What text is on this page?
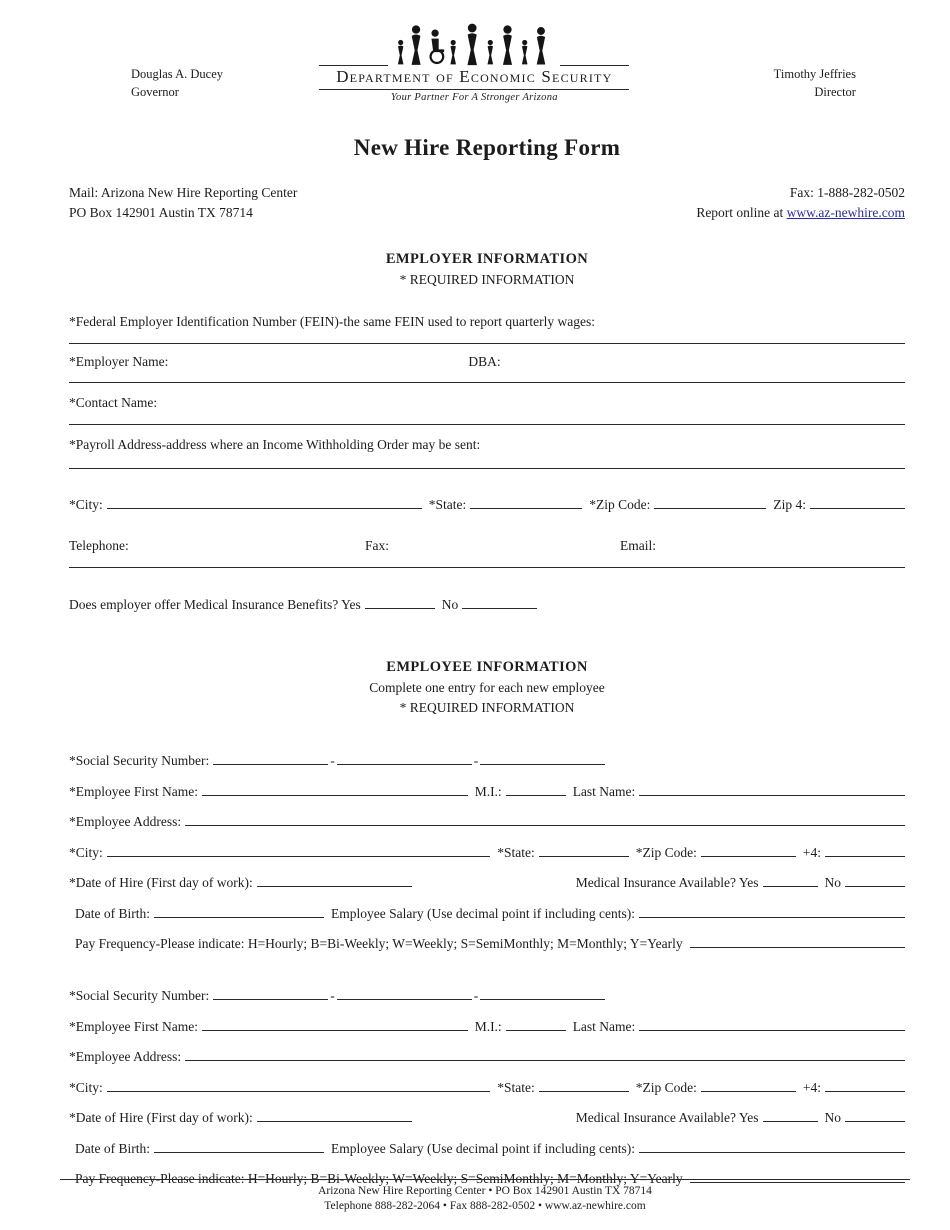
Douglas A. Ducey
Governor
Department of Economic Security
Your Partner For A Stronger Arizona
Timothy Jeffries
Director
New Hire Reporting Form
Mail: Arizona New Hire Reporting Center
PO Box 142901 Austin TX 78714
Fax: 1-888-282-0502
Report online at www.az-newhire.com
EMPLOYER INFORMATION
* REQUIRED INFORMATION
*Federal Employer Identification Number (FEIN)-the same FEIN used to report quarterly wages:
*Employer Name:	DBA:
*Contact Name:
*Payroll Address-address where an Income Withholding Order may be sent:
*City:	*State:	*Zip Code:	Zip 4:
Telephone:	Fax:	Email:
Does employer offer Medical Insurance Benefits? Yes	No
EMPLOYEE INFORMATION
Complete one entry for each new employee
* REQUIRED INFORMATION
*Social Security Number:	-	-
*Employee First Name:	M.I.:	Last Name:
*Employee Address:
*City:	*State:	*Zip Code:	+4:
*Date of Hire (First day of work):	Medical Insurance Available? Yes	No
Date of Birth:	Employee Salary (Use decimal point if including cents):
Pay Frequency-Please indicate: H=Hourly; B=Bi-Weekly; W=Weekly; S=SemiMonthly; M=Monthly; Y=Yearly
*Social Security Number:	-	-
*Employee First Name:	M.I.:	Last Name:
*Employee Address:
*City:	*State:	*Zip Code:	+4:
*Date of Hire (First day of work):	Medical Insurance Available? Yes	No
Date of Birth:	Employee Salary (Use decimal point if including cents):
Pay Frequency-Please indicate: H=Hourly; B=Bi-Weekly; W=Weekly; S=SemiMonthly; M=Monthly; Y=Yearly
Arizona New Hire Reporting Center • PO Box 142901 Austin TX 78714
Telephone 888-282-2064 • Fax 888-282-0502 • www.az-newhire.com
